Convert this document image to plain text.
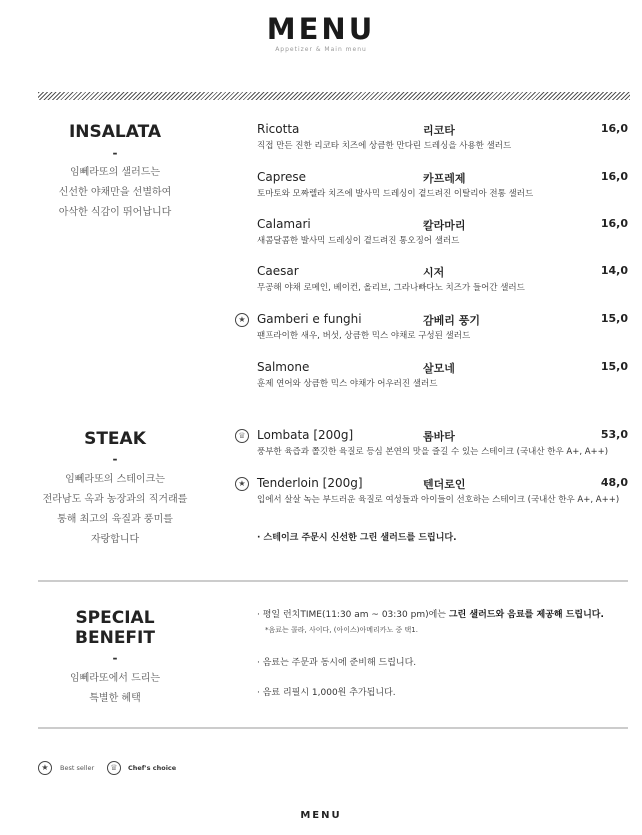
MENU
Appetizer & Main menu
INSALATA
-
임뻬라또의 샐러드는
신선한 야채만을 선별하여
아삭한 식감이 뛰어납니다
Ricotta	리코타	16,0
직접 만든 진한 리코타 치즈에 상큼한 만다린 드레싱을 사용한 샐러드
Caprese	카프레제	16,0
토마토와 모짜렐라 치즈에 발사믹 드레싱이 곁드려진 이탈리아 전통 샐러드
Calamari	칼라마리	16,0
새콤달콤한 발사믹 드레싱이 곁드려진 통오징어 샐러드
Caesar	시저	14,0
무공해 야채 로메인, 베이컨, 올리브, 그라나빠다노 치즈가 들어간 샐러드
★ Gamberi e funghi	감베리 풍기	15,0
팬프라이한 새우, 버섯, 상큼한 믹스 야채로 구성된 샐러드
Salmone	살모네	15,0
훈제 연어와 상큼한 믹스 야채가 어우러진 샐러드
STEAK
-
임뻬라또의 스테이크는
전라남도 옥과 농장과의 직거래를
통해 최고의 육질과 풍미를
자랑합니다
♕ Lombata [200g]	롬바타	53,0
풍부한 육즙과 쫄깃한 육질로 등심 본연의 맛을 즐길 수 있는 스테이크 (국내산 한우 A+, A++)
★ Tenderloin [200g]	텐더로인	48,0
입에서 살살 녹는 부드러운 육질로 여성들과 아이들이 선호하는 스테이크 (국내산 한우 A+, A++)
· 스테이크 주문시 신선한 그린 샐러드를 드립니다.
SPECIAL
BENEFIT
-
임뻬라또에서 드리는
특별한 혜택
· 평일 런치TIME(11:30 am ~ 03:30 pm)에는 그린 샐러드와 음료를 제공해 드립니다.
*음료는 콜라, 사이다, (아이스)아메리카노 중 택1.
· 음료는 주문과 동시에 준비해 드립니다.
· 음료 리필시 1,000원 추가됩니다.
★	Best seller	♕	Chef's choice
MENU
